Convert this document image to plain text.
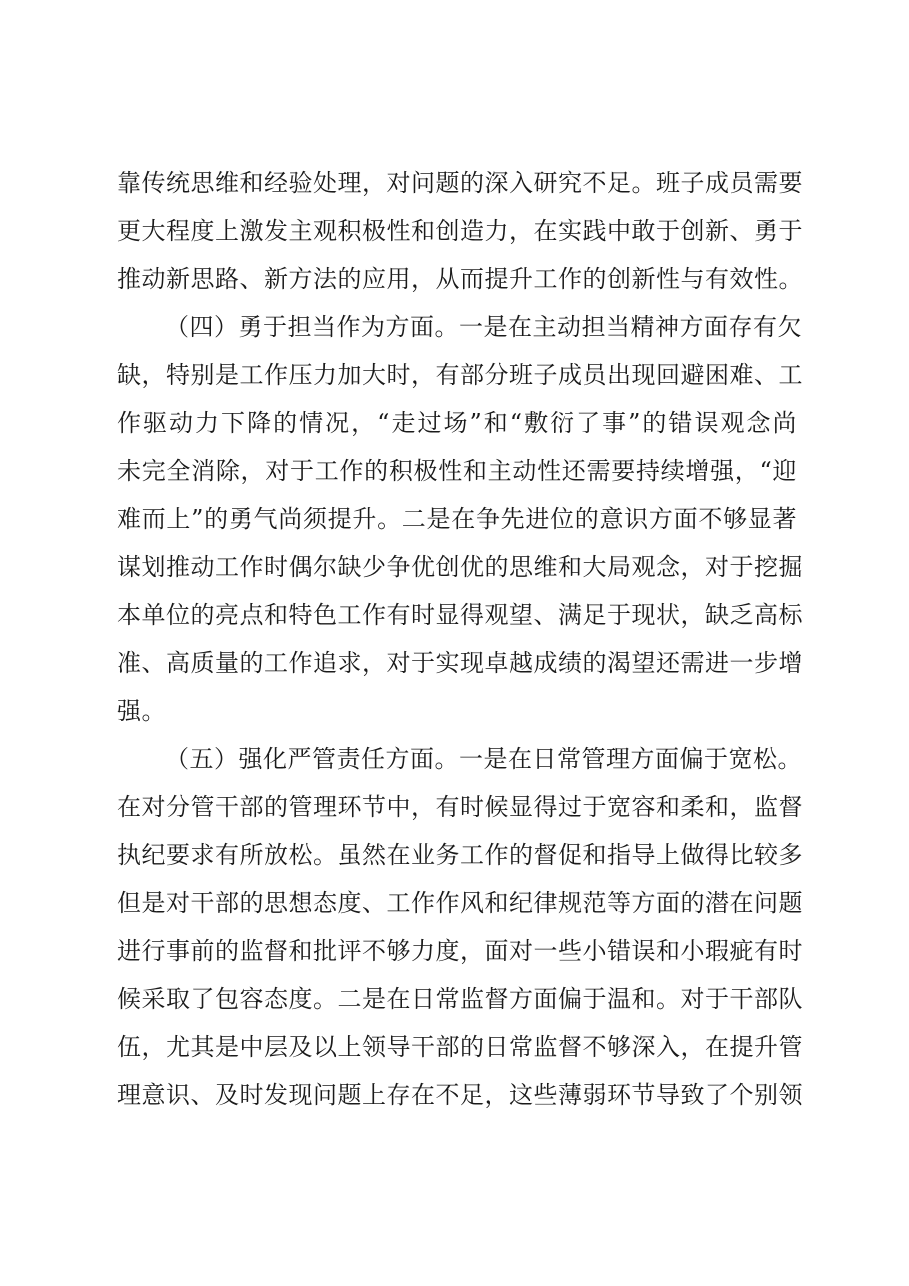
靠传统思维和经验处理，对问题的深入研究不足。班子成员需要
更大程度上激发主观积极性和创造力，在实践中敢于创新、勇于
推动新思路、新方法的应用，从而提升工作的创新性与有效性。
（四）勇于担当作为方面。一是在主动担当精神方面存有欠
缺，特别是工作压力加大时，有部分班子成员出现回避困难、工
作驱动力下降的情况，“走过场”和“敷衍了事”的错误观念尚
未完全消除，对于工作的积极性和主动性还需要持续增强，“迎
难而上”的勇气尚须提升。二是在争先进位的意识方面不够显著
谋划推动工作时偶尔缺少争优创优的思维和大局观念，对于挖掘
本单位的亮点和特色工作有时显得观望、满足于现状，缺乏高标
准、高质量的工作追求，对于实现卓越成绩的渴望还需进一步增
强。
（五）强化严管责任方面。一是在日常管理方面偏于宽松。
在对分管干部的管理环节中，有时候显得过于宽容和柔和，监督
执纪要求有所放松。虽然在业务工作的督促和指导上做得比较多
但是对干部的思想态度、工作作风和纪律规范等方面的潜在问题
进行事前的监督和批评不够力度，面对一些小错误和小瑕疵有时
候采取了包容态度。二是在日常监督方面偏于温和。对于干部队
伍，尤其是中层及以上领导干部的日常监督不够深入，在提升管
理意识、及时发现问题上存在不足，这些薄弱环节导致了个别领
